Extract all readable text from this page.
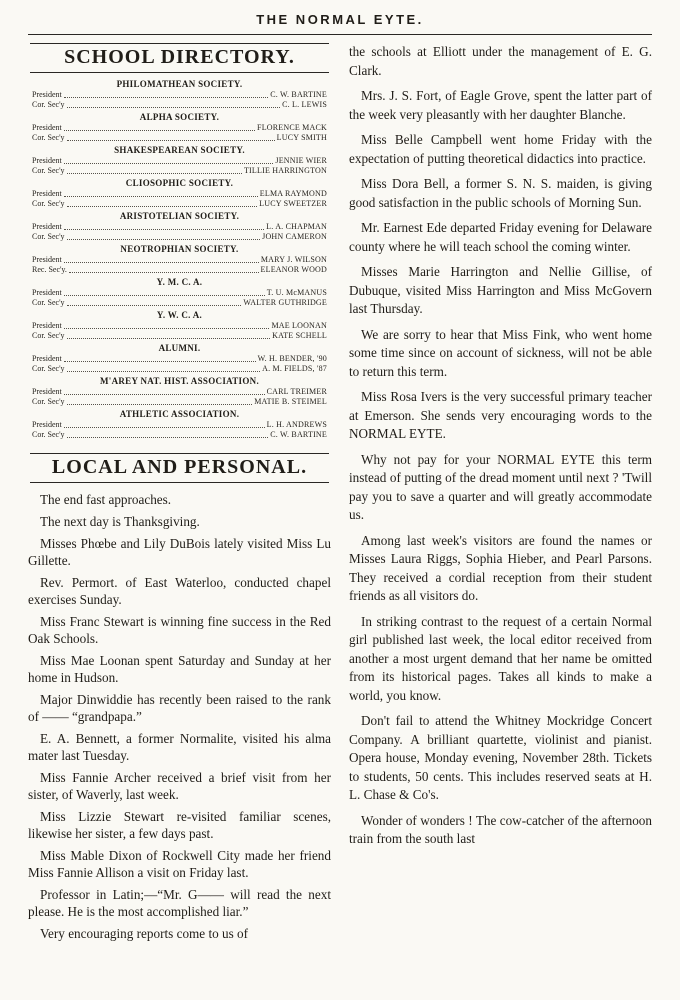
THE NORMAL EYTE.
SCHOOL DIRECTORY.
PHILOMATHEAN SOCIETY.
President	C. W. BARTINE
Cor. Sec'y	C. L. LEWIS
ALPHA SOCIETY.
President	FLORENCE MACK
Cor. Sec'y	LUCY SMITH
SHAKESPEAREAN SOCIETY.
President	JENNIE WIER
Cor. Sec'y	TILLIE HARRINGTON
CLIOSOPHIC SOCIETY.
President	ELMA RAYMOND
Cor. Sec'y	LUCY SWEETZER
ARISTOTELIAN SOCIETY.
President	L. A. CHAPMAN
Cor. Sec'y	JOHN CAMERON
NEOTROPHIAN SOCIETY.
President	MARY J. WILSON
Rec. Sec'y.	ELEANOR WOOD
Y. M. C. A.
President	T. U. McMANUS
Cor. Sec'y	WALTER GUTHRIDGE
Y. W. C. A.
President	MAE LOONAN
Cor. Sec'y	KATE SCHELL
ALUMNI.
President	W. H. BENDER, '90
Cor. Sec'y	A. M. FIELDS, '87
M'AREY NAT. HIST. ASSOCIATION.
President	CARL TREIMER
Cor. Sec'y	MATIE B. STEIMEL
ATHLETIC ASSOCIATION.
President	L. H. ANDREWS
Cor. Sec'y	C. W. BARTINE
LOCAL AND PERSONAL.

The end fast approaches.

The next day is Thanksgiving.

Misses Phœbe and Lily DuBois lately visited Miss Lu Gillette.

Rev. Permort. of East Waterloo, conducted chapel exercises Sunday.

Miss Franc Stewart is winning fine success in the Red Oak Schools.

Miss Mae Loonan spent Saturday and Sunday at her home in Hudson.

Major Dinwiddie has recently been raised to the rank of —— “grandpapa.”

E. A. Bennett, a former Normalite, visited his alma mater last Tuesday.

Miss Fannie Archer received a brief visit from her sister, of Waverly, last week.

Miss Lizzie Stewart re-visited familiar scenes, likewise her sister, a few days past.

Miss Mable Dixon of Rockwell City made her friend Miss Fannie Allison a visit on Friday last.

Professor in Latin;—“Mr. G—— will read the next please. He is the most accomplished liar.”

Very encouraging reports come to us of

the schools at Elliott under the management of E. G. Clark.

Mrs. J. S. Fort, of Eagle Grove, spent the latter part of the week very pleasantly with her daughter Blanche.

Miss Belle Campbell went home Friday with the expectation of putting theoretical didactics into practice.

Miss Dora Bell, a former S. N. S. maiden, is giving good satisfaction in the public schools of Morning Sun.

Mr. Earnest Ede departed Friday evening for Delaware county where he will teach school the coming winter.

Misses Marie Harrington and Nellie Gillise, of Dubuque, visited Miss Harrington and Miss McGovern last Thursday.

We are sorry to hear that Miss Fink, who went home some time since on account of sickness, will not be able to return this term.

Miss Rosa Ivers is the very successful primary teacher at Emerson. She sends very encouraging words to the NORMAL EYTE.

Why not pay for your NORMAL EYTE this term instead of putting of the dread moment until next ? 'Twill pay you to save a quarter and will greatly accommodate us.

Among last week's visitors are found the names or Misses Laura Riggs, Sophia Hieber, and Pearl Parsons. They received a cordial reception from their student friends as all visitors do.

In striking contrast to the request of a certain Normal girl published last week, the local editor received from another a most urgent demand that her name be omitted from its historical pages. Takes all kinds to make a world, you know.

Don't fail to attend the Whitney Mockridge Concert Company. A brilliant quartette, violinist and pianist. Opera house, Monday evening, November 28th. Tickets to students, 50 cents. This includes reserved seats at H. L. Chase & Co's.

Wonder of wonders ! The cow-catcher of the afternoon train from the south last
